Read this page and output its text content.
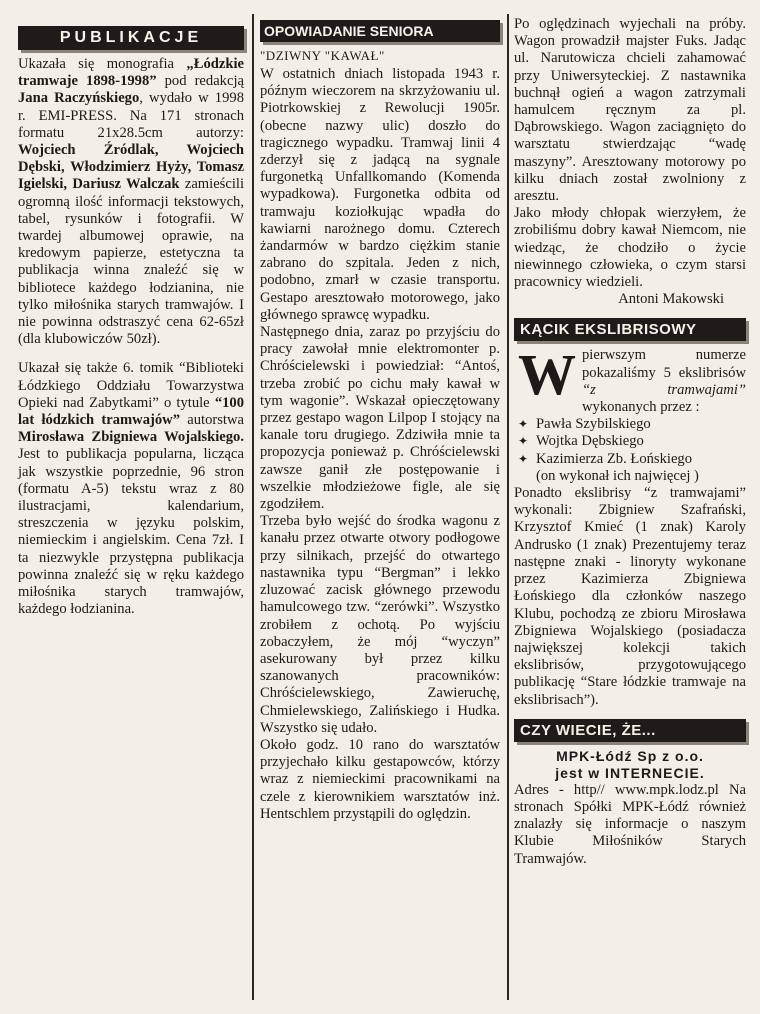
PUBLIKACJE

Ukazała się monografia „Łódzkie tramwaje 1898-1998” pod redakcją Jana Raczyńskiego, wydało w 1998 r. EMI-PRESS. Na 171 stronach formatu 21x28.5cm autorzy: Wojciech Źródlak, Wojciech Dębski, Włodzimierz Hyży, Tomasz Igielski, Dariusz Walczak zamieścili ogromną ilość informacji tekstowych, tabel, rysunków i fotografii. W twardej albumowej oprawie, na kredowym papierze, estetyczna ta publikacja winna znaleźć się w bibliotece każdego łodzianina, nie tylko miłośnika starych tramwajów. I nie powinna odstraszyć cena 62-65zł (dla klubowiczów 50zł).

Ukazał się także 6. tomik “Biblioteki Łódzkiego Oddziału Towarzystwa Opieki nad Zabytkami” o tytule “100 lat łódzkich tramwajów” autorstwa Mirosława Zbigniewa Wojalskiego. Jest to publikacja popularna, licząca jak wszystkie poprzednie, 96 stron (formatu A-5) tekstu wraz z 80 ilustracjami, kalendarium, streszczenia w języku polskim, niemieckim i angielskim. Cena 7zł. I ta niezwykle przystępna publikacja powinna znaleźć się w ręku każdego miłośnika starych tramwajów, każdego łodzianina.

OPOWIADANIE SENIORA
"DZIWNY "KAWAŁ"

W ostatnich dniach listopada 1943 r. późnym wieczorem na skrzyżowaniu ul. Piotrkowskiej z Rewolucji 1905r. (obecne nazwy ulic) doszło do tragicznego wypadku. Tramwaj linii 4 zderzył się z jadącą na sygnale furgonetką Unfallkomando (Komenda wypadkowa). Furgonetka odbita od tramwaju koziołkując wpadła do kawiarni narożnego domu. Czterech żandarmów w bardzo ciężkim stanie zabrano do szpitala. Jeden z nich, podobno, zmarł w czasie transportu. Gestapo aresztowało motorowego, jako głównego sprawcę wypadku.

Następnego dnia, zaraz po przyjściu do pracy zawołał mnie elektromonter p. Chróścielewski i powiedział: “Antoś, trzeba zrobić po cichu mały kawał w tym wagonie”. Wskazał opieczętowany przez gestapo wagon Lilpop I stojący na kanale toru drugiego. Zdziwiła mnie ta propozycja ponieważ p. Chróścielewski zawsze ganił złe postępowanie i wszelkie młodzieżowe figle, ale się zgodziłem.

Trzeba było wejść do środka wagonu z kanału przez otwarte otwory podłogowe przy silnikach, przejść do otwartego nastawnika typu “Bergman” i lekko zluzować zacisk głównego przewodu hamulcowego tzw. “zerówki”. Wszystko zrobiłem z ochotą. Po wyjściu zobaczyłem, że mój “wyczyn” asekurowany był przez kilku szanowanych pracowników: Chróścielewskiego, Zawieruchę, Chmielewskiego, Zalińskiego i Hudka. Wszystko się udało.

Około godz. 10 rano do warsztatów przyjechało kilku gestapowców, którzy wraz z niemieckimi pracownikami na czele z kierownikiem warsztatów inż. Hentschlem przystąpili do oględzin.

Po oględzinach wyjechali na próby. Wagon prowadził majster Fuks. Jadąc ul. Narutowicza chcieli zahamować przy Uniwersyteckiej. Z nastawnika buchnął ogień a wagon zatrzymali hamulcem ręcznym za pl. Dąbrowskiego. Wagon zaciągnięto do warsztatu stwierdzając “wadę maszyny”. Aresztowany motorowy po kilku dniach został zwolniony z aresztu.

Jako młody chłopak wierzyłem, że zrobiliśmu dobry kawał Niemcom, nie wiedząc, że chodziło o życie niewinnego człowieka, o czym starsi pracownicy wiedzieli.

Antoni Makowski

KĄCIK EKSLIBRISOWY

Wpierwszym numerze pokazaliśmy 5 ekslibrisów “z tramwajami” wykonanych przez :

✦ Pawła Szybilskiego
✦ Wojtka Dębskiego
✦ Kazimierza Zb. Łońskiego
(on wykonał ich najwięcej )

Ponadto ekslibrisy “z tramwajami” wykonali: Zbigniew Szafrański, Krzysztof Kmieć (1 znak) Karoly Andrusko (1 znak) Prezentujemy teraz następne znaki - linoryty wykonane przez Kazimierza Zbigniewa Łońskiego dla członków naszego Klubu, pochodzą ze zbioru Mirosława Zbigniewa Wojalskiego (posiadacza największej kolekcji takich ekslibrisów, przygotowującego publikację “Stare łódzkie tramwaje na ekslibrisach”).

CZY WIECIE, ŻE...
MPK-Łódź Sp z o.o.
jest w INTERNECIE.

Adres - http// www.mpk.lodz.pl Na stronach Spółki MPK-Łódź również znalazły się informacje o naszym Klubie Miłośników Starych Tramwajów.
